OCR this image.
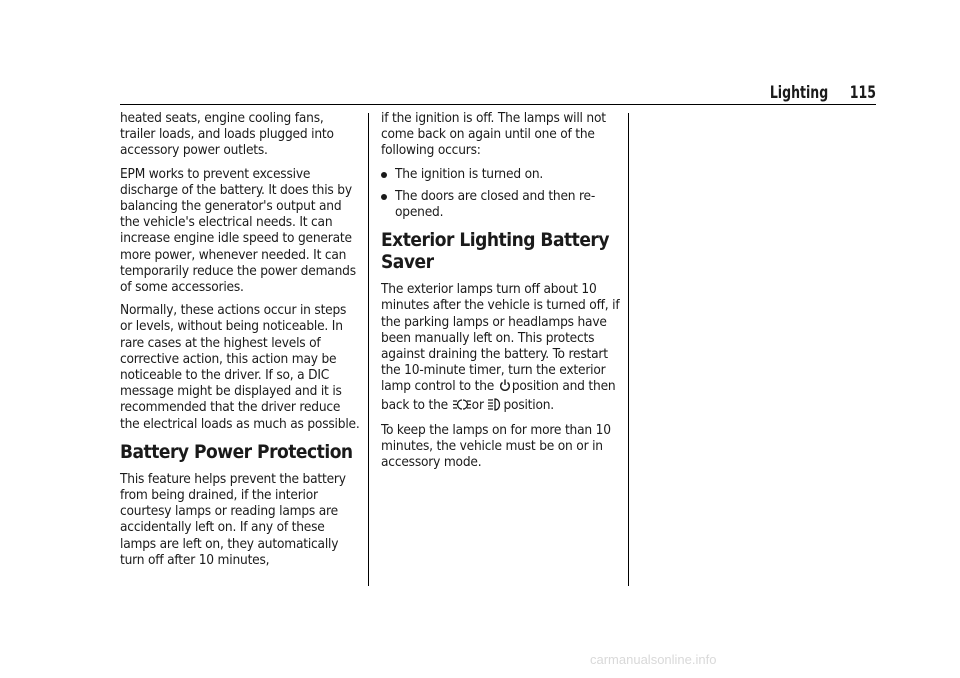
Lighting 115

heated seats, engine cooling fans, trailer loads, and loads plugged into accessory power outlets.

EPM works to prevent excessive discharge of the battery. It does this by balancing the generator's output and the vehicle's electrical needs. It can increase engine idle speed to generate more power, whenever needed. It can temporarily reduce the power demands of some accessories.

Normally, these actions occur in steps or levels, without being noticeable. In rare cases at the highest levels of corrective action, this action may be noticeable to the driver. If so, a DIC message might be displayed and it is recommended that the driver reduce the electrical loads as much as possible.

Battery Power Protection

This feature helps prevent the battery from being drained, if the interior courtesy lamps or reading lamps are accidentally left on. If any of these lamps are left on, they automatically turn off after 10 minutes,

if the ignition is off. The lamps will not come back on again until one of the following occurs:

The ignition is turned on.
The doors are closed and then re-opened.
Exterior Lighting Battery Saver

The exterior lamps turn off about 10 minutes after the vehicle is turned off, if the parking lamps or headlamps have been manually left on. This protects against draining the battery. To restart the 10-minute timer, turn the exterior lamp control to the position and then back to the or position.

To keep the lamps on for more than 10 minutes, the vehicle must be on or in accessory mode.

carmanualsonline.info
